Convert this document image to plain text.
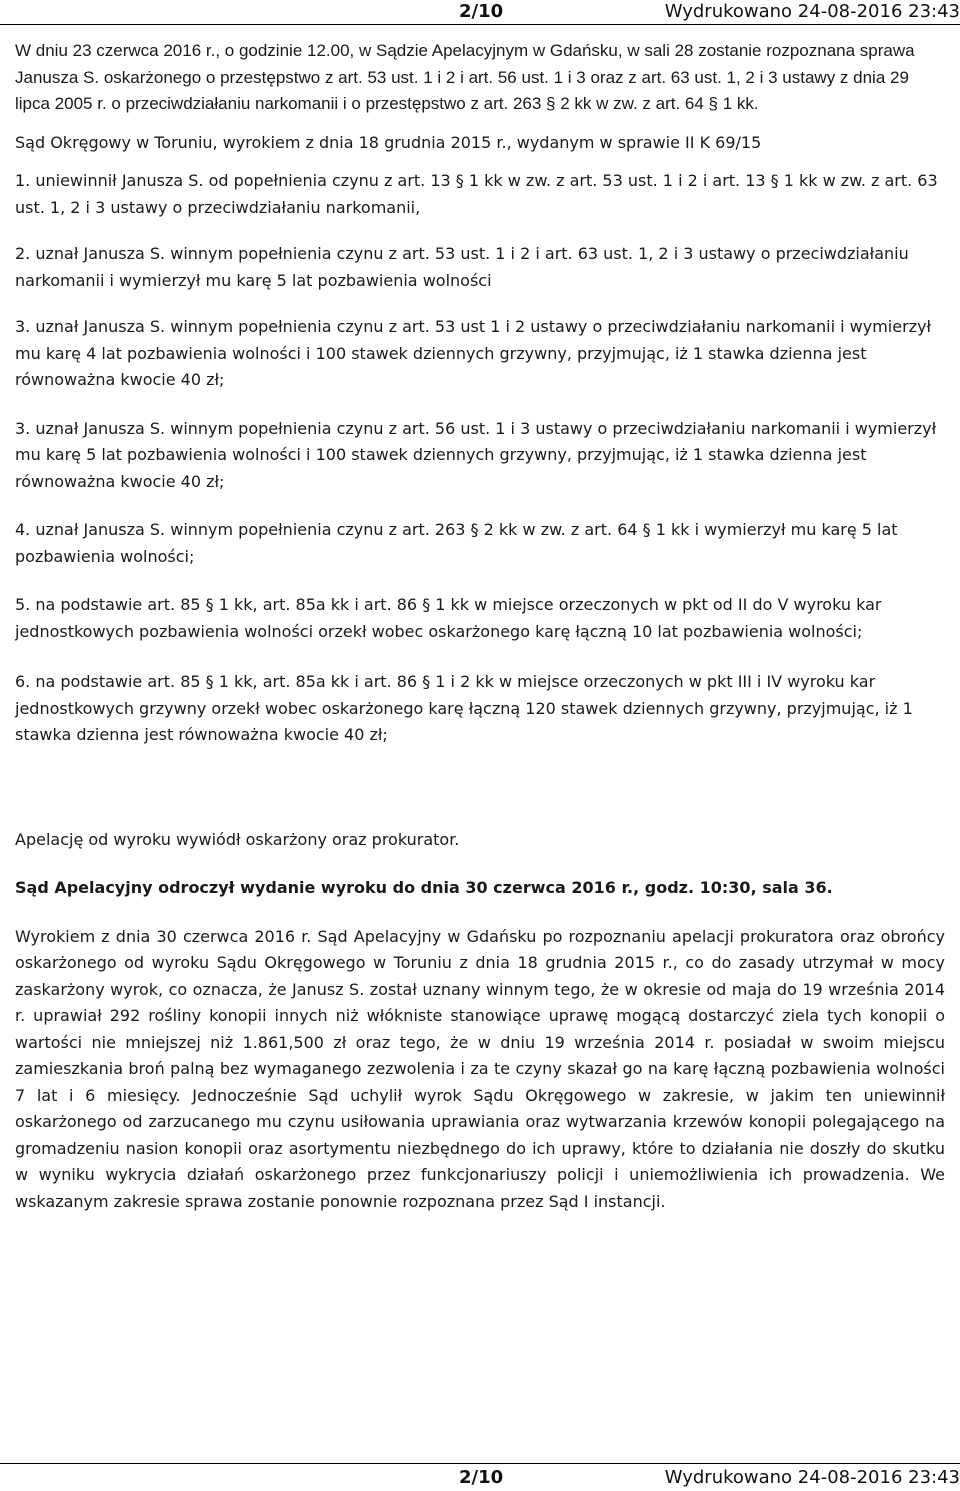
2/10	Wydrukowano 24-08-2016 23:43

W dniu 23 czerwca 2016 r., o godzinie 12.00, w Sądzie Apelacyjnym w Gdańsku, w sali 28 zostanie rozpoznana sprawa Janusza S. oskarżonego o przestępstwo z art. 53 ust. 1 i 2 i art. 56 ust. 1 i 3 oraz z art. 63 ust. 1, 2 i 3 ustawy z dnia 29 lipca 2005 r. o przeciwdziałaniu narkomanii i o przestępstwo z art. 263 § 2 kk w zw. z art. 64 § 1 kk.

Sąd Okręgowy w Toruniu, wyrokiem z dnia 18 grudnia 2015 r., wydanym w sprawie II K 69/15

1. uniewinnił Janusza S. od popełnienia czynu z art. 13 § 1 kk w zw. z art. 53 ust. 1 i 2 i art. 13 § 1 kk w zw. z art. 63 ust. 1, 2 i 3 ustawy o przeciwdziałaniu narkomanii,

2. uznał Janusza S. winnym popełnienia czynu z art. 53 ust. 1 i 2 i art. 63 ust. 1, 2 i 3 ustawy o przeciwdziałaniu narkomanii i wymierzył mu karę 5 lat pozbawienia wolności

3. uznał Janusza S. winnym popełnienia czynu z art. 53 ust 1 i 2 ustawy o przeciwdziałaniu narkomanii i wymierzył mu karę 4 lat pozbawienia wolności i 100 stawek dziennych grzywny, przyjmując, iż 1 stawka dzienna jest równoważna kwocie 40 zł;

3. uznał Janusza S. winnym popełnienia czynu z art. 56 ust. 1 i 3 ustawy o przeciwdziałaniu narkomanii i wymierzył mu karę 5 lat pozbawienia wolności i 100 stawek dziennych grzywny, przyjmując, iż 1 stawka dzienna jest równoważna kwocie 40 zł;

4. uznał Janusza S. winnym popełnienia czynu z art. 263 § 2 kk w zw. z art. 64 § 1 kk i wymierzył mu karę 5 lat pozbawienia wolności;

5. na podstawie art. 85 § 1 kk, art. 85a kk i art. 86 § 1 kk w miejsce orzeczonych w pkt od II do V wyroku kar jednostkowych pozbawienia wolności orzekł wobec oskarżonego karę łączną 10 lat pozbawienia wolności;

6. na podstawie art. 85 § 1 kk, art. 85a kk i art. 86 § 1 i 2 kk w miejsce orzeczonych w pkt III i IV wyroku kar jednostkowych grzywny orzekł wobec oskarżonego karę łączną 120 stawek dziennych grzywny, przyjmując, iż 1 stawka dzienna jest równoważna kwocie 40 zł;

Apelację od wyroku wywiódł oskarżony oraz prokurator.

Sąd Apelacyjny odroczył wydanie wyroku do dnia 30 czerwca 2016 r., godz. 10:30, sala 36.

Wyrokiem z dnia 30 czerwca 2016 r. Sąd Apelacyjny w Gdańsku po rozpoznaniu apelacji prokuratora oraz obrońcy oskarżonego od wyroku Sądu Okręgowego w Toruniu z dnia 18 grudnia 2015 r., co do zasady utrzymał w mocy zaskarżony wyrok, co oznacza, że Janusz S. został uznany winnym tego, że w okresie od maja do 19 września 2014 r. uprawiał 292 rośliny konopii innych niż włókniste stanowiące uprawę mogącą dostarczyć ziela tych konopii o wartości nie mniejszej niż 1.861,500 zł oraz tego, że w dniu 19 września 2014 r. posiadał w swoim miejscu zamieszkania broń palną bez wymaganego zezwolenia i za te czyny skazał go na karę łączną pozbawienia wolności 7 lat i 6 miesięcy. Jednocześnie Sąd uchylił wyrok Sądu Okręgowego w zakresie, w jakim ten uniewinnił oskarżonego od zarzucanego mu czynu usiłowania uprawiania oraz wytwarzania krzewów konopii polegającego na gromadzeniu nasion konopii oraz asortymentu niezbędnego do ich uprawy, które to działania nie doszły do skutku w wyniku wykrycia działań oskarżonego przez funkcjonariuszy policji i uniemożliwienia ich prowadzenia. We wskazanym zakresie sprawa zostanie ponownie rozpoznana przez Sąd I instancji.

2/10	Wydrukowano 24-08-2016 23:43
